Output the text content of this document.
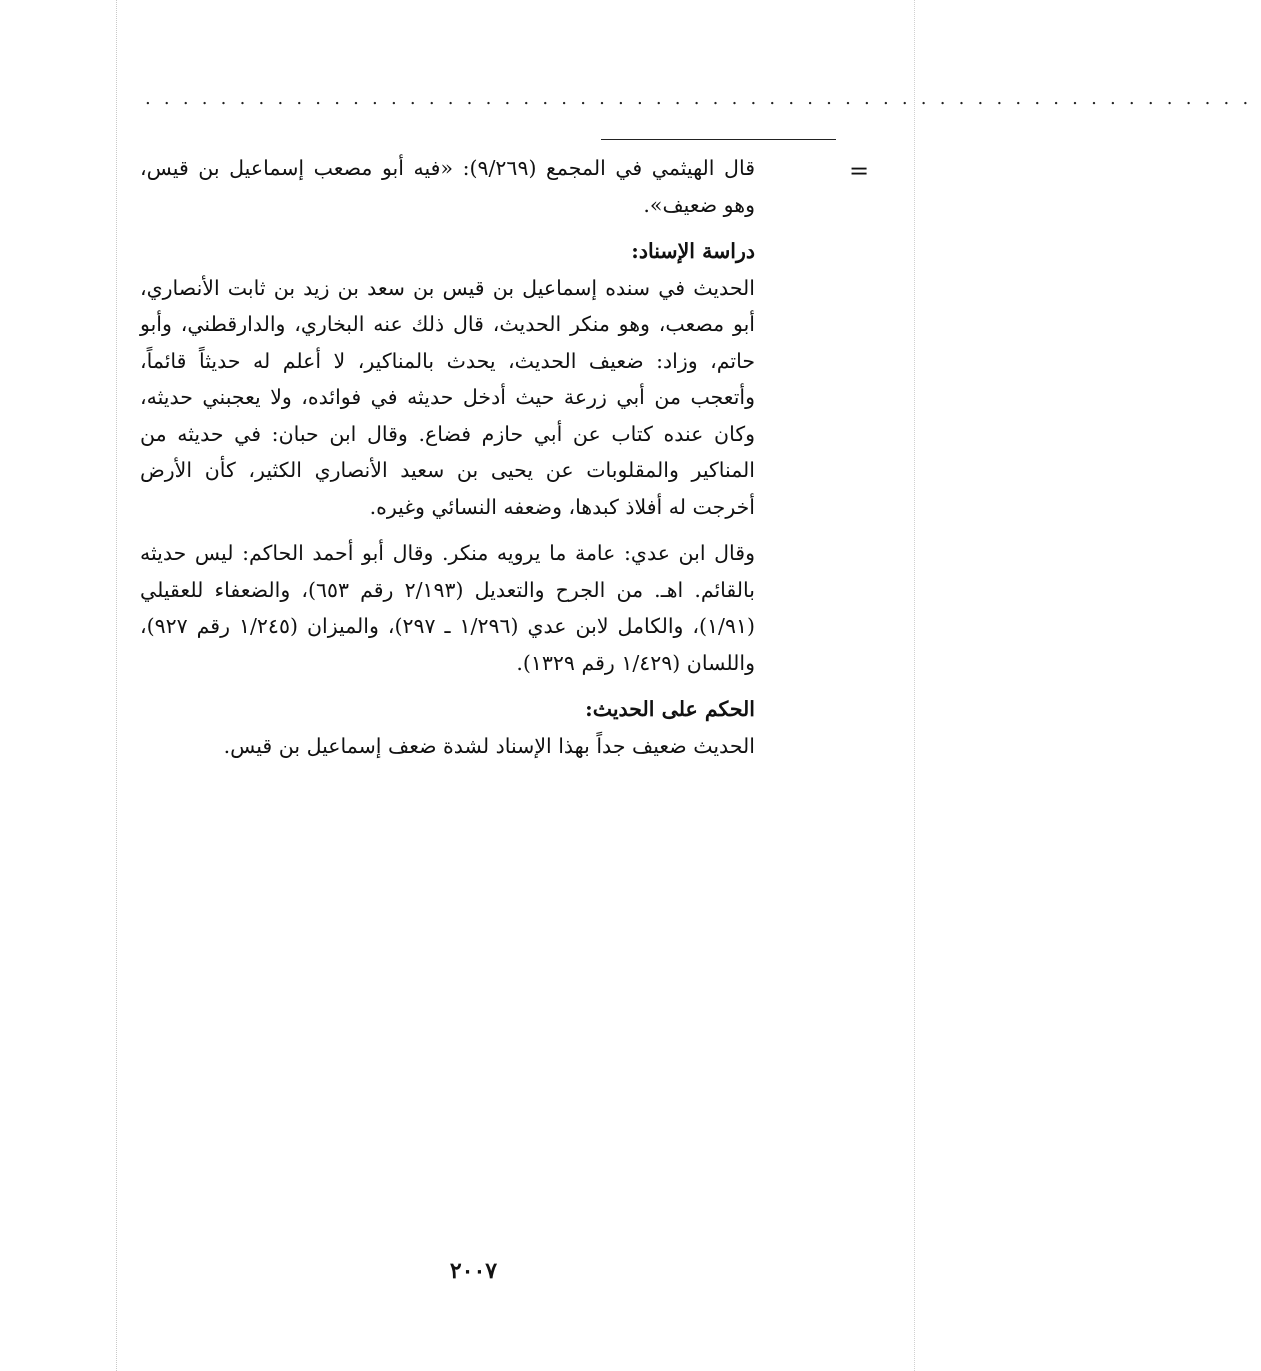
...........................................................
=

قال الهيثمي في المجمع (٩/٢٦٩): «فيه أبو مصعب إسماعيل بن قيس، وهو ضعيف».

دراسة الإسناد:

الحديث في سنده إسماعيل بن قيس بن سعد بن زيد بن ثابت الأنصاري، أبو مصعب، وهو منكر الحديث، قال ذلك عنه البخاري، والدارقطني، وأبو حاتم، وزاد: ضعيف الحديث، يحدث بالمناكير، لا أعلم له حديثاً قائماً، وأتعجب من أبي زرعة حيث أدخل حديثه في فوائده، ولا يعجبني حديثه، وكان عنده كتاب عن أبي حازم فضاع. وقال ابن حبان: في حديثه من المناكير والمقلوبات عن يحيى بن سعيد الأنصاري الكثير، كأن الأرض أخرجت له أفلاذ كبدها، وضعفه النسائي وغيره.

وقال ابن عدي: عامة ما يرويه منكر. وقال أبو أحمد الحاكم: ليس حديثه بالقائم. اهـ. من الجرح والتعديل (٢/١٩٣ رقم ٦٥٣)، والضعفاء للعقيلي (١/٩١)، والكامل لابن عدي (١/٢٩٦ ـ ٢٩٧)، والميزان (١/٢٤٥ رقم ٩٢٧)، واللسان (١/٤٢٩ رقم ١٣٢٩).

الحكم على الحديث:

الحديث ضعيف جداً بهذا الإسناد لشدة ضعف إسماعيل بن قيس.

٢٠٠٧
